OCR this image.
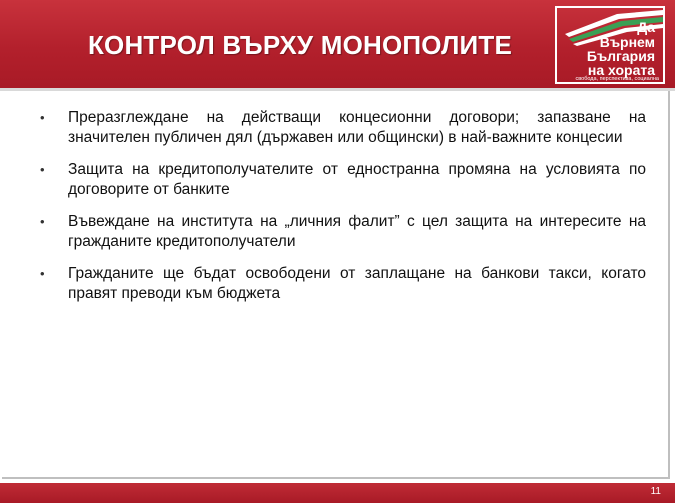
КОНТРОЛ ВЪРХУ МОНОПОЛИТЕ
Да
Върнем
България
на хората
свобода, перспектива, социална
• Преразглеждане на действащи концесионни договори; запазване на значителен публичен дял (държавен или общински) в най-важните концесии
• Защита на кредитополучателите от едностранна промяна на условията по договорите от банките
• Въвеждане на института на „личния фалит” с цел защита на интересите на гражданите кредитополучатели
• Гражданите ще бъдат освободени от заплащане на банкови такси, когато правят преводи към бюджета
11
